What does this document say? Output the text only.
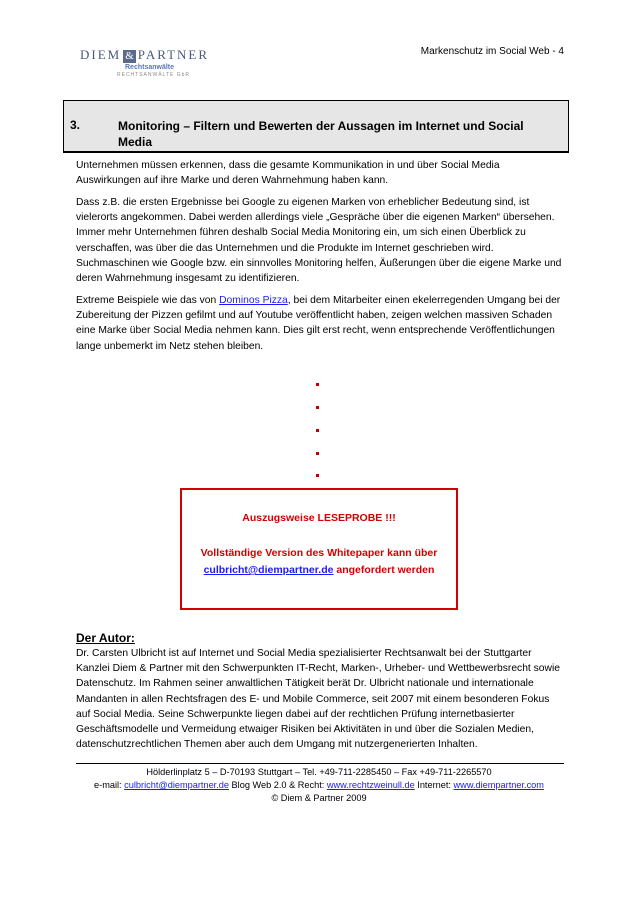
DIEM & PARTNER
Rechtsanwälte
RECHTSANWÄLTE GbR
Markenschutz im Social Web - 4
3.	Monitoring – Filtern und Bewerten der Aussagen im Internet und Social Media
Unternehmen müssen erkennen, dass die gesamte Kommunikation in und über Social Media Auswirkungen auf ihre Marke und deren Wahrnehmung haben kann.
Dass z.B. die ersten Ergebnisse bei Google zu eigenen Marken von erheblicher Bedeutung sind, ist vielerorts angekommen. Dabei werden allerdings viele „Gespräche über die eigenen Marken“ übersehen. Immer mehr Unternehmen führen deshalb Social Media Monitoring ein, um sich einen Überblick zu verschaffen, was über die das Unternehmen und die Produkte im Internet geschrieben wird.
Suchmaschinen wie Google bzw. ein sinnvolles Monitoring helfen, Äußerungen über die eigene Marke und deren Wahrnehmung insgesamt zu identifizieren.
Extreme Beispiele wie das von Dominos Pizza, bei dem Mitarbeiter einen ekelerregenden Umgang bei der Zubereitung der Pizzen gefilmt und auf Youtube veröffentlicht haben, zeigen welchen massiven Schaden eine Marke über Social Media nehmen kann. Dies gilt erst recht, wenn entsprechende Veröffentlichungen lange unbemerkt im Netz stehen bleiben.
Auszugsweise LESEPROBE !!!
Vollständige Version des Whitepaper kann über
culbricht@diempartner.de angefordert werden
Der Autor:
Dr. Carsten Ulbricht ist auf Internet und Social Media spezialisierter Rechtsanwalt bei der Stuttgarter Kanzlei Diem & Partner mit den Schwerpunkten IT-Recht, Marken-, Urheber- und Wettbewerbsrecht sowie Datenschutz. Im Rahmen seiner anwaltlichen Tätigkeit berät Dr. Ulbricht nationale und internationale Mandanten in allen Rechtsfragen des E- und Mobile Commerce, seit 2007 mit einem besonderen Fokus auf Social Media. Seine Schwerpunkte liegen dabei auf der rechtlichen Prüfung internetbasierter Geschäftsmodelle und Vermeidung etwaiger Risiken bei Aktivitäten in und über die Sozialen Medien, datenschutzrechtlichen Themen aber auch dem Umgang mit nutzergenerierten Inhalten.
Hölderlinplatz 5 – D-70193 Stuttgart – Tel. +49-711-2285450 – Fax +49-711-2265570
e-mail: culbricht@diempartner.de Blog Web 2.0 & Recht: www.rechtzweinull.de Internet: www.diempartner.com
© Diem & Partner 2009
